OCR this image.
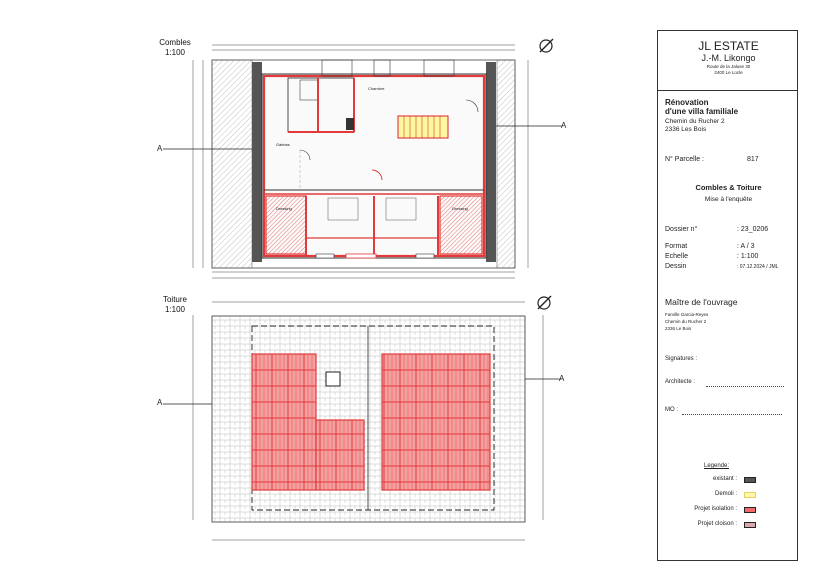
Combles
1:100
Toiture
1:100
A
A
Galetas
Chambre
Dressing	Dressing
A
A
JL ESTATE
J.-M. Likongo
Route de la Jaluse 30
2400 Le Locle
Rénovation
d'une villa familiale
Chemin du Rucher 2
2336 Les Bois
N° Parcelle :	817
Combles & Toiture
Mise à l'enquête
Dossier n°	: 23_0206
Format	: A / 3
Echelle	: 1:100
Dessin	: 07.12.2024 / JML
Maître de l'ouvrage
Famille Garcia-Reyes
Chemin du Rucher 2
2336 Le Bois
Signatures :
Architecte :
MO :
Legende:
existant :
Demoli :
Projet isolation :
Projet cloison :
